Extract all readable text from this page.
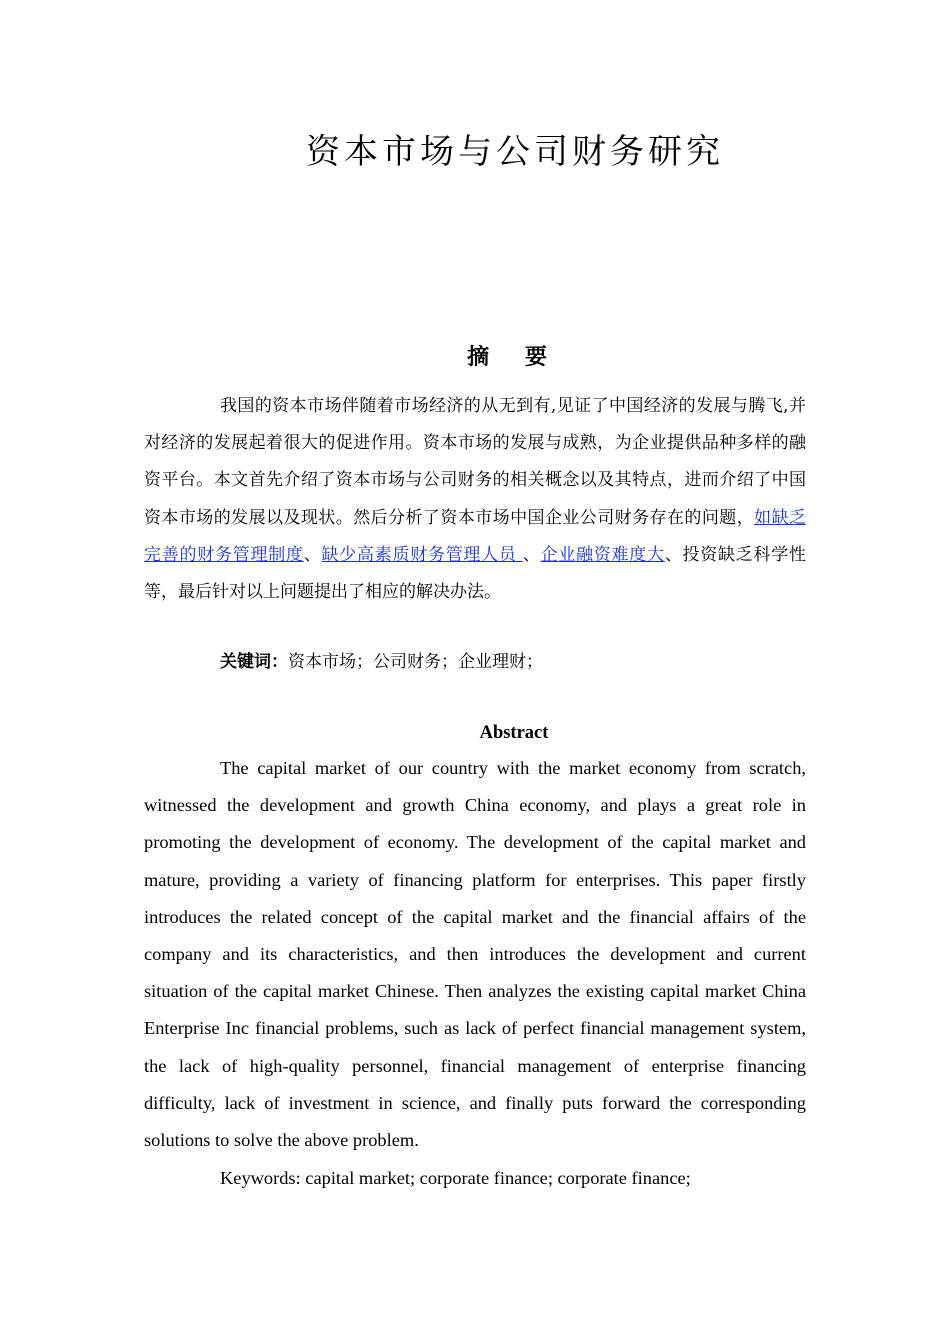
资本市场与公司财务研究
摘 要

我国的资本市场伴随着市场经济的从无到有,见证了中国经济的发展与腾飞,并对经济的发展起着很大的促进作用。资本市场的发展与成熟，为企业提供品种多样的融资平台。本文首先介绍了资本市场与公司财务的相关概念以及其特点，进而介绍了中国资本市场的发展以及现状。然后分析了资本市场中国企业公司财务存在的问题，如缺乏完善的财务管理制度、缺少高素质财务管理人员 、企业融资难度大、投资缺乏科学性等，最后针对以上问题提出了相应的解决办法。

关键词：资本市场；公司财务；企业理财；

Abstract

The capital market of our country with the market economy from scratch, witnessed the development and growth China economy, and plays a great role in promoting the development of economy. The development of the capital market and mature, providing a variety of financing platform for enterprises. This paper firstly introduces the related concept of the capital market and the financial affairs of the company and its characteristics, and then introduces the development and current situation of the capital market Chinese. Then analyzes the existing capital market China Enterprise Inc financial problems, such as lack of perfect financial management system, the lack of high-quality personnel, financial management of enterprise financing difficulty, lack of investment in science, and finally puts forward the corresponding solutions to solve the above problem.

Keywords: capital market; corporate finance; corporate finance;
